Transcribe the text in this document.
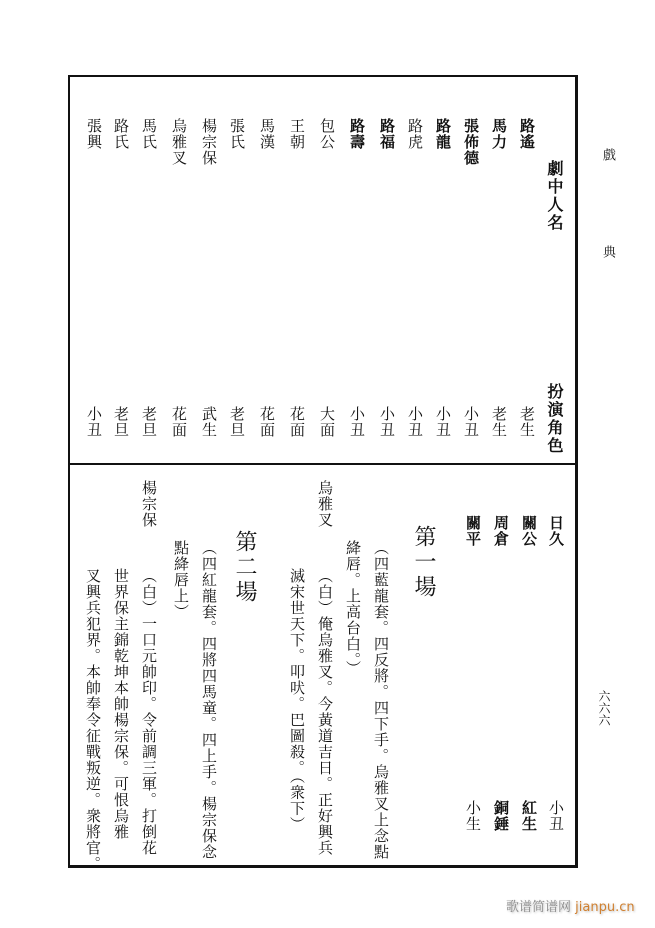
戲
典
六六六
劇中人名
扮演角色
路遙
馬力
張佈德
路龍
路虎
路福
路壽
包公
王朝
馬漢
張氏
楊宗保
烏雅叉
馬氏
路氏
張興
老生
老生
小丑
小丑
小丑
小丑
小丑
大面
花面
花面
老旦
武生
花面
老旦
老旦
小丑
日久
關公
周倉
關平
小丑
紅生
銅錘
小生
第一場
（四藍龍套。四反將。四下手。烏雅叉上念點
絳唇。上高台白。）
烏雅叉
（白）俺烏雅叉。今黃道吉日。正好興兵
滅宋世天下。叩吠。巴圖殺。（衆下）
第二場
（四紅龍套。四將四馬童。四上手。楊宗保念
點絳唇上）
楊宗保
（白）一口元帥印。令前調三軍。打倒花
世界保主錦乾坤本帥楊宗保。可恨烏雅
叉興兵犯界。本帥奉令征戰叛逆。衆將官。
歌谱简谱网 jianpu.cn
